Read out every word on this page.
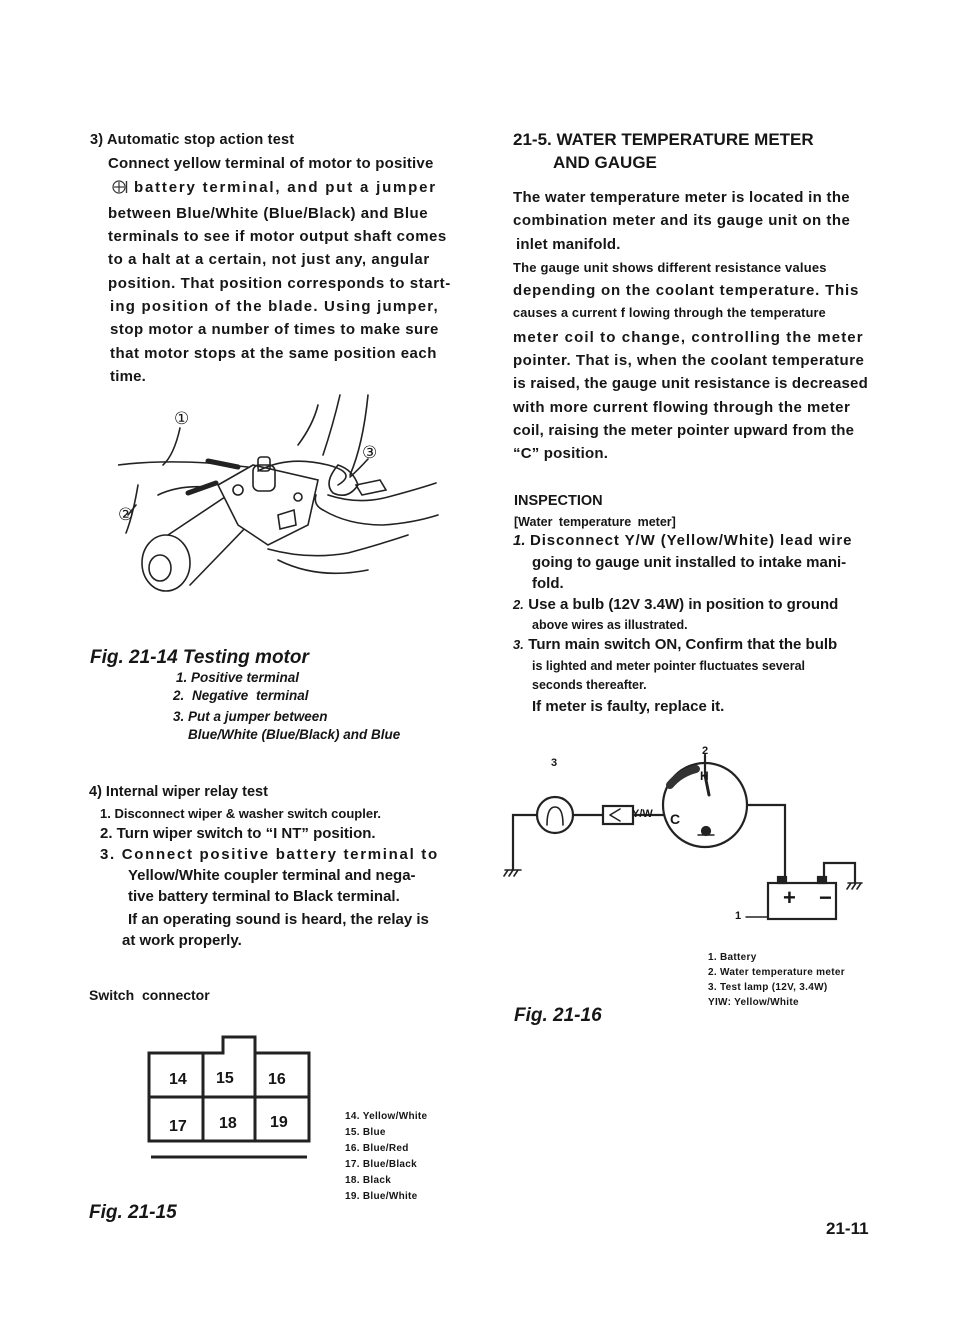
3) Automatic stop action test
Connect yellow terminal of motor to positive
battery terminal, and put a jumper
between Blue/White (Blue/Black) and Blue
terminals to see if motor output shaft comes
to a halt at a certain, not just any, angular
position. That position corresponds to start-
ing position of the blade. Using jumper,
stop motor a number of times to make sure
that motor stops at the same position each
time.
①
②
③
Fig. 21-14 Testing motor
1. Positive terminal
2. Negative terminal
3. Put a jumper between
Blue/White (Blue/Black) and Blue
4) Internal wiper relay test
1. Disconnect wiper & washer switch coupler.
2. Turn wiper switch to “I NT” position.
3. Connect positive battery terminal to
Yellow/White coupler terminal and nega-
tive battery terminal to Black terminal.
If an operating sound is heard, the relay is
at work properly.
Switch connector
14 15 16
17 18 19	14. Yellow/White
15. Blue
16. Blue/Red
17. Blue/Black
18. Black
19. Blue/White
Fig. 21-15
21-5. WATER TEMPERATURE METER
AND GAUGE
The water temperature meter is located in the
combination meter and its gauge unit on the
inlet manifold.
The gauge unit shows different resistance values
depending on the coolant temperature. This
causes a current f lowing through the temperature
meter coil to change, controlling the meter
pointer. That is, when the coolant temperature
is raised, the gauge unit resistance is decreased
with more current flowing through the meter
coil, raising the meter pointer upward from the
“C” position.
INSPECTION
[Water temperature meter]
1. Disconnect Y/W (Yellow/White) lead wire
going to gauge unit installed to intake mani-
fold.
2. Use a bulb (12V 3.4W) in position to ground
above wires as illustrated.
3. Turn main switch ON, Confirm that the bulb
is lighted and meter pointer fluctuates several
seconds thereafter.
If meter is faulty, replace it.
3
2
1
Y/W
H
C
+ −
1. Battery
2. Water temperature meter
3. Test lamp (12V, 3.4W)
YIW: Yellow/White
Fig. 21-16
21-11
